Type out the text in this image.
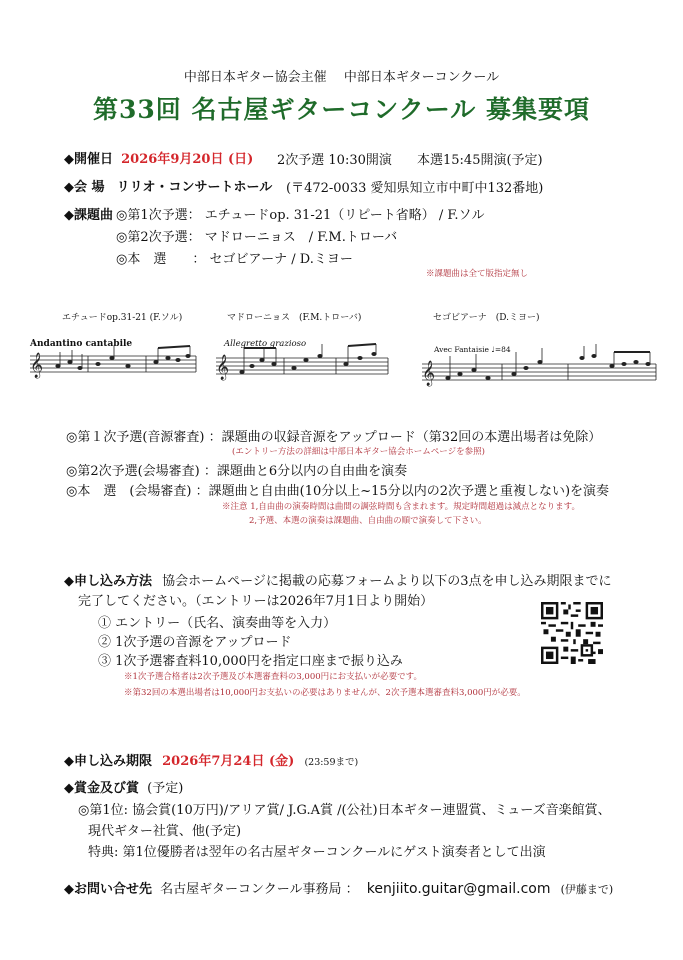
中部日本ギター協会主催　 中部日本ギターコンクール
第33回 名古屋ギターコンクール 募集要項
◆開催日 2026年9月20日 (日) 2次予選 10:30開演 本選15:45開演(予定)
◆会 場 リリオ・コンサートホール (〒472-0033 愛知県知立市中町中132番地)
◆課題曲 ◎第1次予選： エチュードop. 31-21（リピート省略） / F.ソル
◎第2次予選： マドローニョス　/ F.M.トローバ
◎本　選　　： セゴビアーナ / D.ミヨー
※課題曲は全て版指定無し
エチュードop.31-21 (F.ソル)	マドローニョス　(F.M.トローバ)	セゴビアーナ　(D.ミヨー)
𝄞
Andantino cantabile
𝄞
Allegretto grazioso
𝄞
Avec Fantaisie ♩=84
◎第１次予選(音源審査) ：課題曲の収録音源をアップロード（第32回の本選出場者は免除）
(エントリー方法の詳細は中部日本ギター協会ホームページを参照)
◎第2次予選(会場審査) ：課題曲と6分以内の自由曲を演奏
◎本　選　(会場審査) ：課題曲と自由曲(10分以上~15分以内の2次予選と重複しない)を演奏
※注意 1,自由曲の演奏時間は曲間の調弦時間も含まれます。規定時間超過は減点となります。
2,予選、本選の演奏は課題曲、自由曲の順で演奏して下さい。
◆申し込み方法 協会ホームページに掲載の応募フォームより以下の3点を申し込み期限までに
完了してください。（エントリーは2026年7月1日より開始）
① エントリー（氏名、演奏曲等を入力）
② 1次予選の音源をアップロード
③ 1次予選審査料10,000円を指定口座まで振り込み
※1次予選合格者は2次予選及び本選審査料の3,000円にお支払いが必要です。
※第32回の本選出場者は10,000円お支払いの必要はありませんが、2次予選本選審査料3,000円が必要。
◆申し込み期限 2026年7月24日 (金) (23:59まで)
◆賞金及び賞 (予定)
◎第1位: 協会賞(10万円)/アリア賞/ J.G.A賞 /(公社)日本ギター連盟賞、ミューズ音楽館賞、
現代ギター社賞、他(予定)
特典: 第1位優勝者は翌年の名古屋ギターコンクールにゲスト演奏者として出演
◆お問い合せ先 名古屋ギターコンクール事務局 ： kenjiito.guitar@gmail.com (伊藤まで)
